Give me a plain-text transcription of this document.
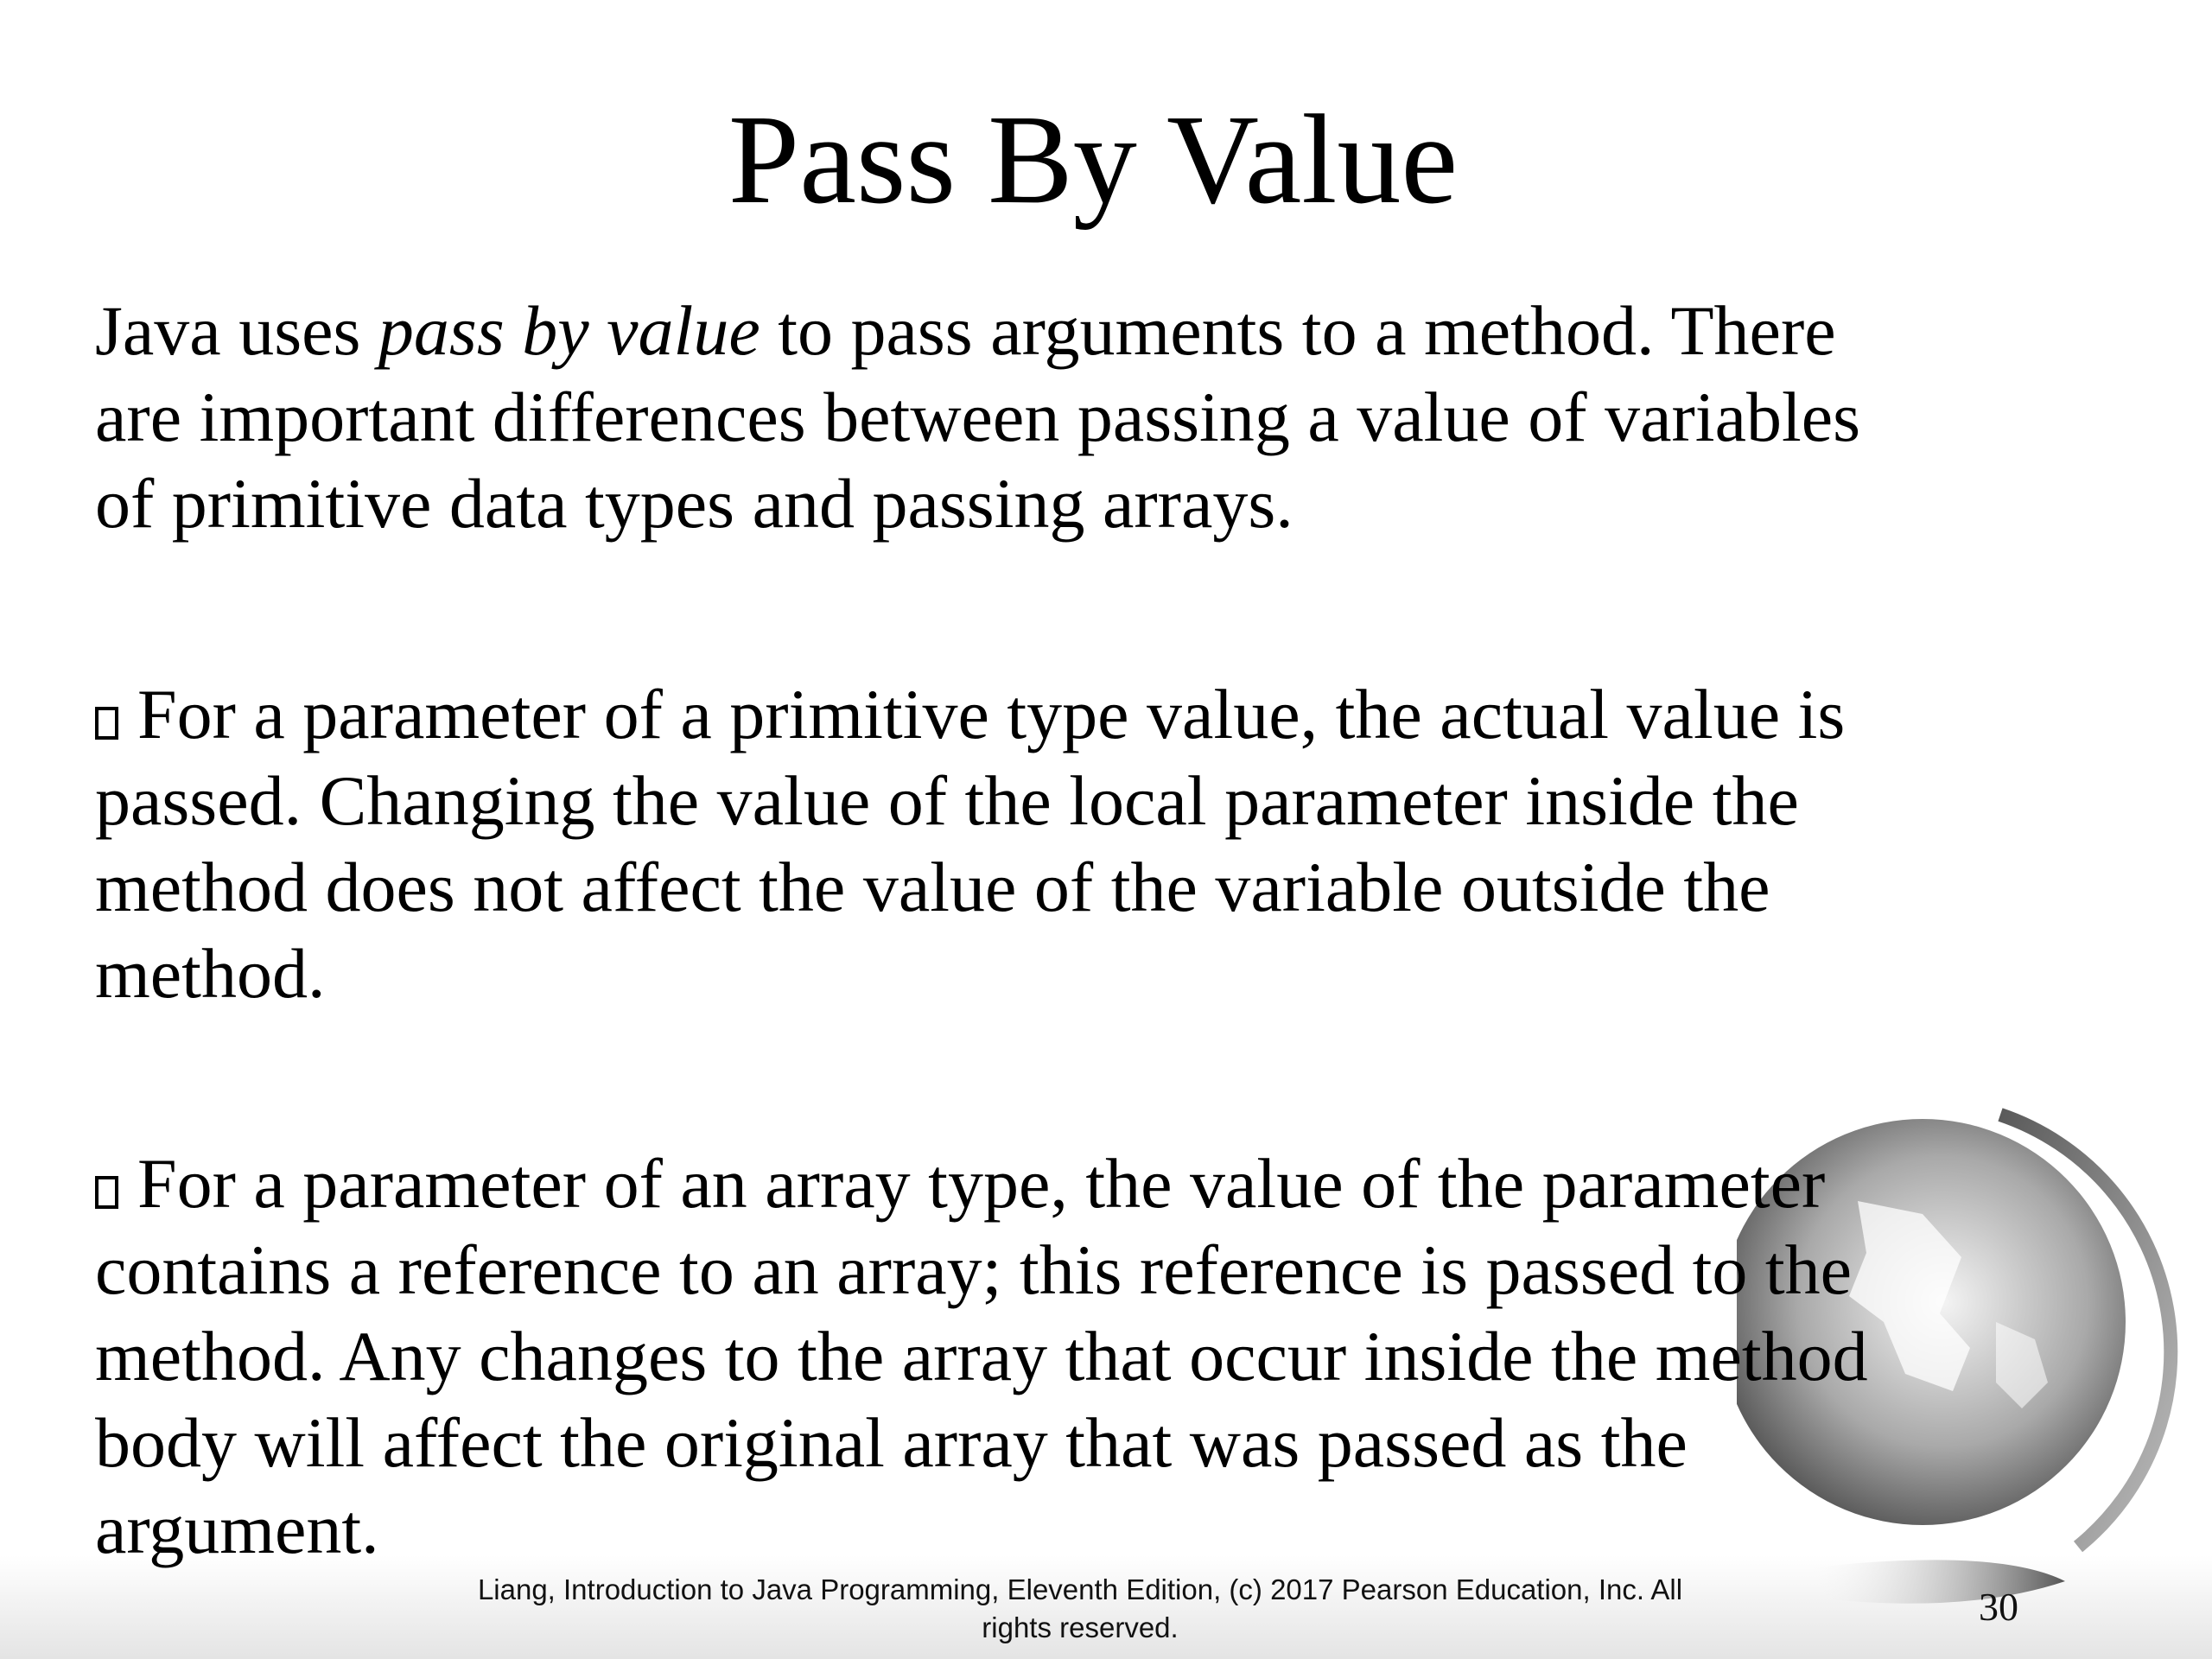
Pass By Value
Java uses pass by value to pass arguments to a method. There
are important differences between passing a value of variables
of primitive data types and passing arrays.
For a parameter of a primitive type value, the actual value is
passed. Changing the value of the local parameter inside the
method does not affect the value of the variable outside the
method.
For a parameter of an array type, the value of the parameter
contains a reference to an array; this reference is passed to the
method. Any changes to the array that occur inside the method
body will affect the original array that was passed as the
argument.
Liang, Introduction to Java Programming, Eleventh Edition, (c) 2017 Pearson Education, Inc. All
rights reserved.	30
